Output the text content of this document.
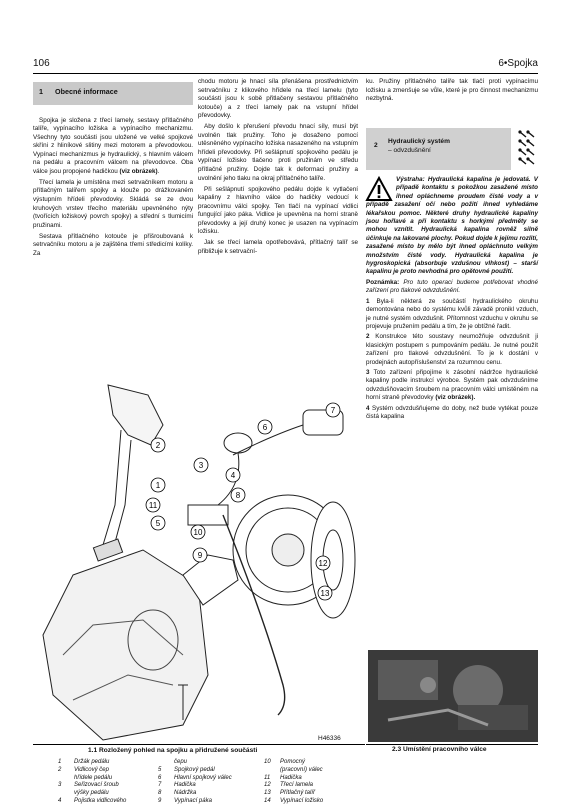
106	6•Spojka
1 Obecné informace

Spojka je složena z třecí lamely, sestavy přítlačného talíře, vypínacího ložiska a vypínacího mechanizmu. Všechny tyto součásti jsou uložené ve velké spojkové skříni z hliníkové slitiny mezi motorem a převodovkou. Vypínací mechanizmus je hydraulický, s hlavním válcem na pedálu a pracovním válcem na převodovce. Oba válce jsou propojené hadičkou (viz obrázek).

Třecí lamela je umístěna mezi setrvačníkem motoru a přítlačným talířem spojky a klouže po drážkovaném výstupním hřídeli převodovky. Skládá se ze dvou kruhových vrstev třecího materiálu upevněného nýty (tvořících ložiskový povrch spojky) a střední s tlumicími pružinami.

Sestava přítlačného kotouče je přišroubovaná k setrvačníku motoru a je zajištěna třemi středicími kolíky. Za

chodu motoru je hnací síla přenášena prostřednictvím setrvačníku z klikového hřídele na třecí lamelu (tyto součásti jsou k sobě přitlačeny sestavou přítlačného kotouče) a z třecí lamely pak na vstupní hřídel převodovky.

Aby došlo k přerušení převodu hnací síly, musí být uvolněn tlak pružiny. Toho je dosaženo pomocí utěsněného vypínacího ložiska nasazeného na vstupním hřídeli převodovky. Při sešlápnutí spojkového pedálu je vypínací ložisko tlačeno proti pružinám ve středu přítlačné pružiny. Dojde tak k deformaci pružiny a uvolnění jeho tlaku na okraj přítlačného talíře.

Při sešlápnutí spojkového pedálu dojde k vytlačení kapaliny z hlavního válce do hadičky vedoucí k pracovnímu válci spojky. Ten tlačí na vypínací vidlici fungující jako páka. Vidlice je upevněna na horní straně převodovky a její druhý konec je usazen na vypínacím ložisku.

Jak se třecí lamela opotřebovává, přítlačný talíř se přibližuje k setrvační-

ku. Pružiny přítlačného talíře tak tlačí proti vypínacímu ložisku a zmenšuje se vůle, které je pro činnost mechanizmu nezbytná.

2
Hydraulický systém
– odvzdušnění

Výstraha: Hydraulická kapalina je jedovatá. V případě kontaktu s pokožkou zasažené místo ihned opláchneme proudem čisté vody a v případě zasažení očí nebo požití ihned vyhledáme lékařskou pomoc. Některé druhy hydraulické kapaliny jsou hořlavé a při kontaktu s horkými předměty se mohou vznítit. Hydraulická kapalina rovněž silně účinkuje na lakované plochy. Pokud dojde k jejímu rozlití, zasažené místo by mělo být ihned opláchnuto velkým množstvím čisté vody. Hydraulická kapalina je hygroskopická (absorbuje vzdušnou vlhkost) – starší kapalinu je proto nevhodná pro opětovné použití.

Poznámka: Pro tuto operaci budeme potřebovat vhodné zařízení pro tlakové odvzdušnění.

1 Byla-li některá ze součástí hydraulického okruhu demontována nebo do systému kvůli závadě pronikl vzduch, je nutné systém odvzdušnit. Přítomnost vzduchu v okruhu se projevuje pružením pedálu a tím, že je obtížné řadit.

2 Konstrukce této soustavy neumožňuje odvzdušnit ji klasickým postupem s pumpováním pedálu. Je nutné použít zařízení pro tlakové odvzdušnění. To je k dostání v prodejnách autopříslušenství za rozumnou cenu.

3 Toto zařízení připojíme k zásobní nádržce hydraulické kapaliny podle instrukcí výrobce. Systém pak odvzdušníme odvzdušňovacím šroubem na pracovním válci umístěném na horní straně převodovky (viz obrázek).

4 Systém odvzdušňujeme do doby, než bude vytékat pouze čistá kapalina

2
1
5
3
4
8
6
9
11
10
7
12
13
H46336
1.1 Rozložený pohled na spojku a přidružené součásti
1 Držák pedálu
2 Vidlicový čep
hřídele pedálu
3 Seřizovací šroub
výšky pedálu
4 Pojistka vidlicového
čepu
5 Spojkový pedál
6 Hlavní spojkový válec
7 Hadička
8 Nádržka
9 Vypínací páka
10 Pomocný
(pracovní) válec
11 Hadička
12 Třecí lamela
13 Přítlačný talíř
14 Vypínací ložisko
2.3 Umístění pracovního válce
